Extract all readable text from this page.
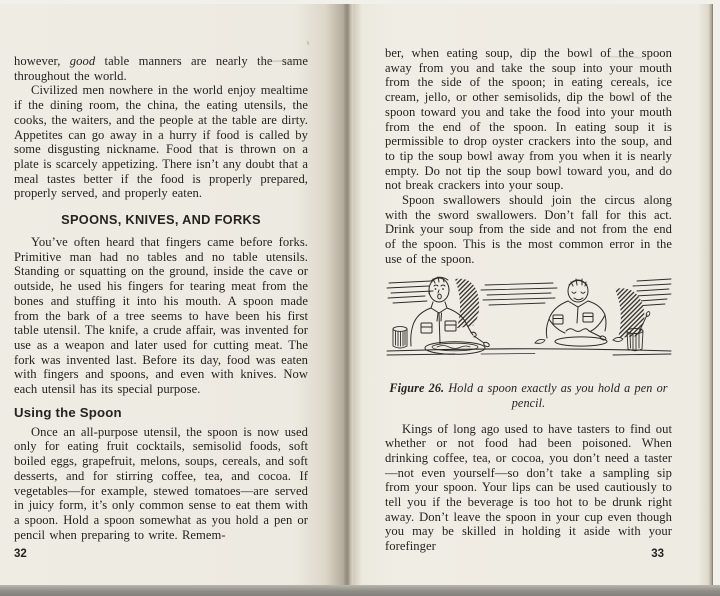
however, good table manners are nearly the same throughout the world.

Civilized men nowhere in the world enjoy mealtime if the dining room, the china, the eating utensils, the cooks, the waiters, and the people at the table are dirty. Appetites can go away in a hurry if food is called by some disgusting nickname. Food that is thrown on a plate is scarcely appetizing. There isn’t any doubt that a meal tastes better if the food is properly prepared, properly served, and properly eaten.

SPOONS, KNIVES, AND FORKS

You’ve often heard that fingers came before forks. Primitive man had no tables and no table utensils. Standing or squatting on the ground, inside the cave or outside, he used his fingers for tearing meat from the bones and stuffing it into his mouth. A spoon made from the bark of a tree seems to have been his first table utensil. The knife, a crude affair, was invented for use as a weapon and later used for cutting meat. The fork was invented last. Before its day, food was eaten with fingers and spoons, and even with knives. Now each utensil has its special purpose.

Using the Spoon

Once an all-purpose utensil, the spoon is now used only for eating fruit cocktails, semisolid foods, soft boiled eggs, grapefruit, melons, soups, cereals, and soft desserts, and for stirring coffee, tea, and cocoa. If vegetables—for example, stewed tomatoes—are served in juicy form, it’s only common sense to eat them with a spoon. Hold a spoon somewhat as you hold a pen or pencil when preparing to write. Remem-

32

ber, when eating soup, dip the bowl of the spoon away from you and take the soup into your mouth from the side of the spoon; in eating cereals, ice cream, jello, or other semisolids, dip the bowl of the spoon toward you and take the food into your mouth from the end of the spoon. In eating soup it is permissible to drop oyster crackers into the soup, and to tip the soup bowl away from you when it is nearly empty. Do not tip the soup bowl toward you, and do not break crackers into your soup.

Spoon swallowers should join the circus along with the sword swallowers. Don’t fall for this act. Drink your soup from the side and not from the end of the spoon. This is the most common error in the use of the spoon.

Figure 26. Hold a spoon exactly as you hold a pen or pencil.

Kings of long ago used to have tasters to find out whether or not food had been poisoned. When drinking coffee, tea, or cocoa, you don’t need a taster—not even yourself—so don’t take a sampling sip from your spoon. Your lips can be used cautiously to tell you if the beverage is too hot to be drunk right away. Don’t leave the spoon in your cup even though you may be skilled in holding it aside with your forefinger

33
